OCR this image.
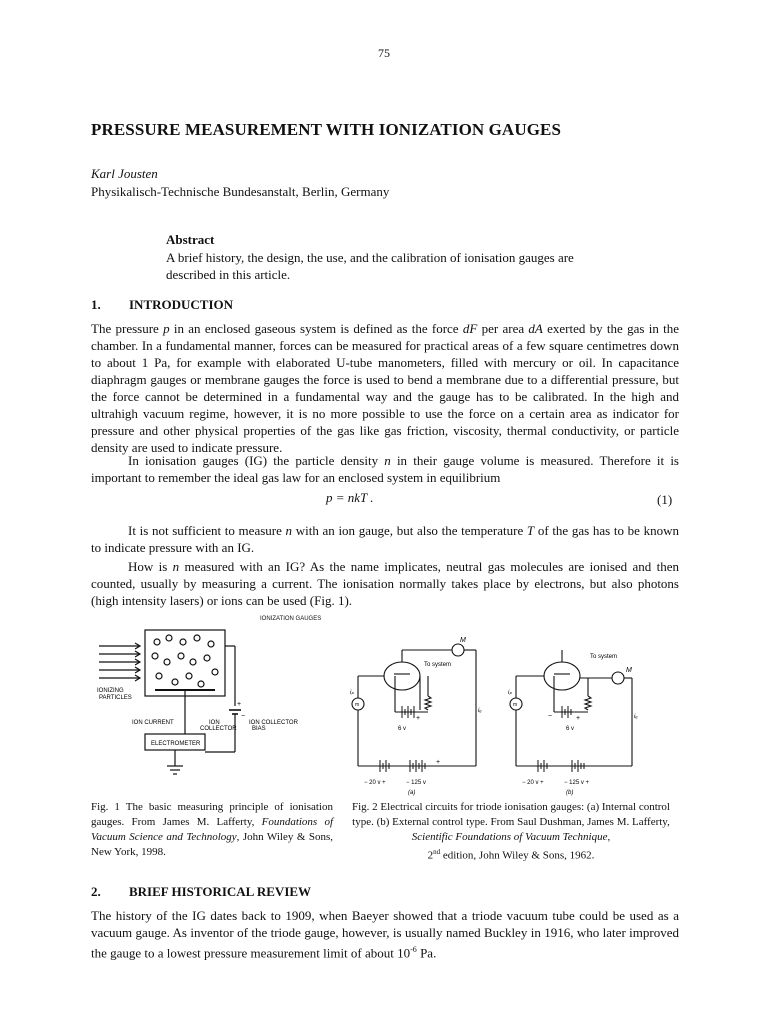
75
PRESSURE MEASUREMENT WITH IONIZATION GAUGES
Karl Jousten
Physikalisch-Technische Bundesanstalt, Berlin, Germany
Abstract
A brief history, the design, the use, and the calibration of ionisation gauges are described in this article.
1. INTRODUCTION
The pressure p in an enclosed gaseous system is defined as the force dF per area dA exerted by the gas in the chamber. In a fundamental manner, forces can be measured for practical areas of a few square centimetres down to about 1 Pa, for example with elaborated U-tube manometers, filled with mercury or oil. In capacitance diaphragm gauges or membrane gauges the force is used to bend a membrane due to a differential pressure, but the force cannot be determined in a fundamental way and the gauge has to be calibrated. In the high and ultrahigh vacuum regime, however, it is no more possible to use the force on a certain area as indicator for pressure and other physical properties of the gas like gas friction, viscosity, thermal conductivity, or particle density are used to indicate pressure.
In ionisation gauges (IG) the particle density n in their gauge volume is measured. Therefore it is important to remember the ideal gas law for an enclosed system in equilibrium
p = nkT .	(1)
It is not sufficient to measure n with an ion gauge, but also the temperature T of the gas has to be known to indicate pressure with an IG.
How is n measured with an IG? As the name implicates, neutral gas molecules are ionised and then counted, usually by measuring a current. The ionisation normally takes place by electrons, but also photons (high intensity lasers) or ions can be used (Fig. 1).
IONIZATION GAUGES
IONIZING
PARTICLES
ION CURRENT	ION
COLLECTOR
ION COLLECTOR
BIAS
+
−
ELECTROMETER
To system
M
iₚ
iₑ
m
6 v
+
+
− 20 v +	− 125 v
(a)
To system
M
iₚ
iₑ
m
−
6 v
+
− 20 v +	− 125 v +
(b)
Fig. 1 The basic measuring principle of ionisation gauges. From James M. Lafferty, Foundations of Vacuum Science and Technology, John Wiley & Sons, New York, 1998.
Fig. 2 Electrical circuits for triode ionisation gauges: (a) Internal control type. (b) External control type. From Saul Dushman, James M. Lafferty, Scientific Foundations of Vacuum Technique,
2nd edition, John Wiley & Sons, 1962.
2. BRIEF HISTORICAL REVIEW
The history of the IG dates back to 1909, when Baeyer showed that a triode vacuum tube could be used as a vacuum gauge. As inventor of the triode gauge, however, is usually named Buckley in 1916, who later improved the gauge to a lowest pressure measurement limit of about $10^{-6}$ Pa.
